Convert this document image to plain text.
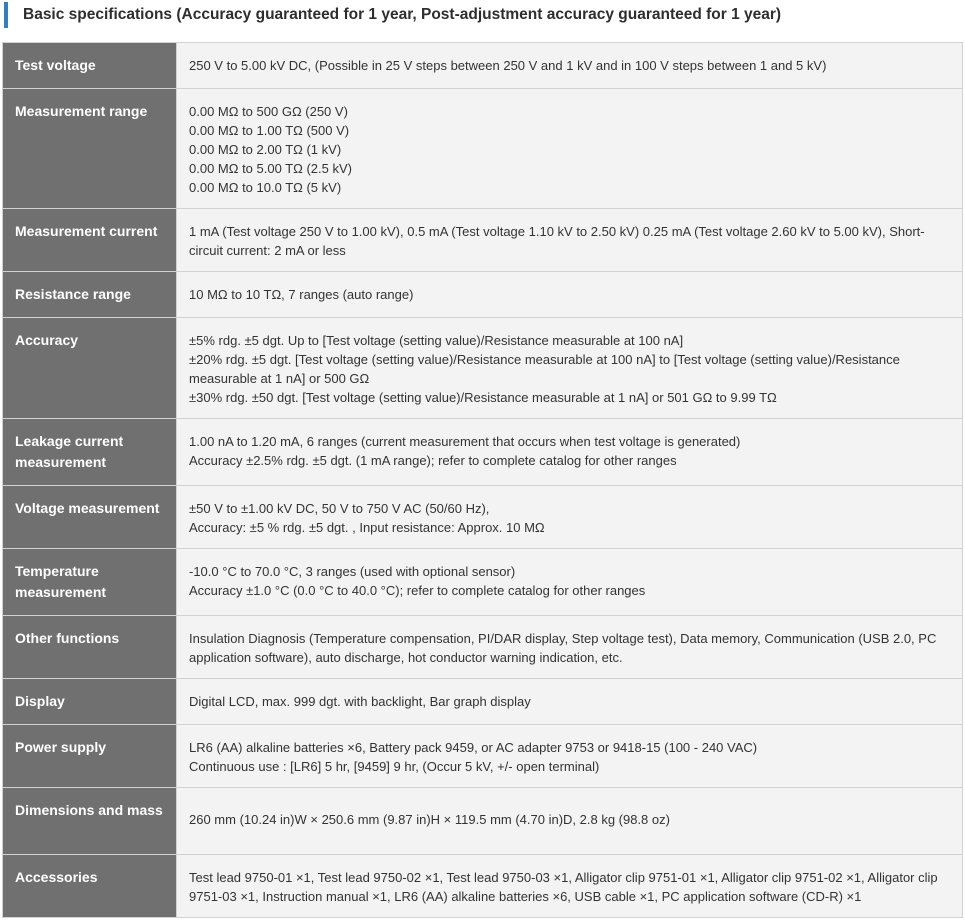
Basic specifications (Accuracy guaranteed for 1 year, Post-adjustment accuracy guaranteed for 1 year)
Test voltage	250 V to 5.00 kV DC, (Possible in 25 V steps between 250 V and 1 kV and in 100 V steps between 1 and 5 kV)

Measurement range	0.00 MΩ to 500 GΩ (250 V)
0.00 MΩ to 1.00 TΩ (500 V)
0.00 MΩ to 2.00 TΩ (1 kV)
0.00 MΩ to 5.00 TΩ (2.5 kV)
0.00 MΩ to 10.0 TΩ (5 kV)

Measurement current	1 mA (Test voltage 250 V to 1.00 kV), 0.5 mA (Test voltage 1.10 kV to 2.50 kV) 0.25 mA (Test voltage 2.60 kV to 5.00 kV), Short-circuit current: 2 mA or less

Resistance range	10 MΩ to 10 TΩ, 7 ranges (auto range)

Accuracy	±5% rdg. ±5 dgt. Up to [Test voltage (setting value)/Resistance measurable at 100 nA]
±20% rdg. ±5 dgt. [Test voltage (setting value)/Resistance measurable at 100 nA] to [Test voltage (setting value)/Resistance measurable at 1 nA] or 500 GΩ
±30% rdg. ±50 dgt. [Test voltage (setting value)/Resistance measurable at 1 nA] or 501 GΩ to 9.99 TΩ

Leakage current measurement	1.00 nA to 1.20 mA, 6 ranges (current measurement that occurs when test voltage is generated)
Accuracy ±2.5% rdg. ±5 dgt. (1 mA range); refer to complete catalog for other ranges

Voltage measurement	±50 V to ±1.00 kV DC, 50 V to 750 V AC (50/60 Hz),
Accuracy: ±5 % rdg. ±5 dgt. , Input resistance: Approx. 10 MΩ

Temperature measurement	-10.0 °C to 70.0 °C, 3 ranges (used with optional sensor)
Accuracy ±1.0 °C (0.0 °C to 40.0 °C); refer to complete catalog for other ranges

Other functions	Insulation Diagnosis (Temperature compensation, PI/DAR display, Step voltage test), Data memory, Communication (USB 2.0, PC application software), auto discharge, hot conductor warning indication, etc.

Display	Digital LCD, max. 999 dgt. with backlight, Bar graph display

Power supply	LR6 (AA) alkaline batteries ×6, Battery pack 9459, or AC adapter 9753 or 9418-15 (100 - 240 VAC)
Continuous use : [LR6] 5 hr, [9459] 9 hr, (Occur 5 kV, +/- open terminal)

Dimensions and mass	260 mm (10.24 in)W × 250.6 mm (9.87 in)H × 119.5 mm (4.70 in)D, 2.8 kg (98.8 oz)

Accessories	Test lead 9750-01 ×1, Test lead 9750-02 ×1, Test lead 9750-03 ×1, Alligator clip 9751-01 ×1, Alligator clip 9751-02 ×1, Alligator clip 9751-03 ×1, Instruction manual ×1, LR6 (AA) alkaline batteries ×6, USB cable ×1, PC application software (CD-R) ×1
